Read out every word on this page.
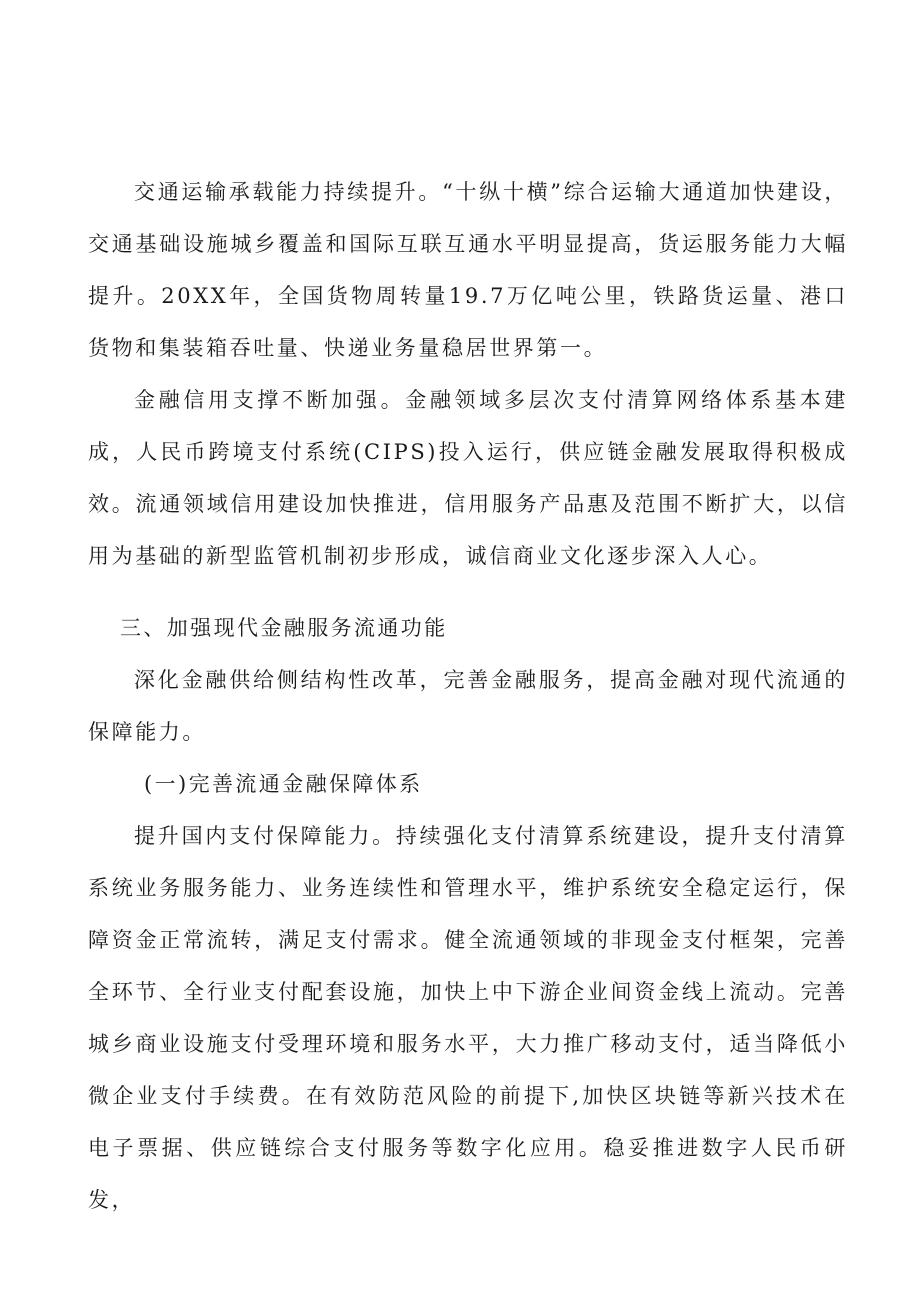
交通运输承载能力持续提升。“十纵十横”综合运输大通道加快建设，交通基础设施城乡覆盖和国际互联互通水平明显提高，货运服务能力大幅提升。20XX年，全国货物周转量19.7万亿吨公里，铁路货运量、港口货物和集装箱吞吐量、快递业务量稳居世界第一。

金融信用支撑不断加强。金融领域多层次支付清算网络体系基本建成，人民币跨境支付系统(CIPS)投入运行，供应链金融发展取得积极成效。流通领域信用建设加快推进，信用服务产品惠及范围不断扩大，以信用为基础的新型监管机制初步形成，诚信商业文化逐步深入人心。

三、加强现代金融服务流通功能

深化金融供给侧结构性改革，完善金融服务，提高金融对现代流通的保障能力。

(一)完善流通金融保障体系

提升国内支付保障能力。持续强化支付清算系统建设，提升支付清算系统业务服务能力、业务连续性和管理水平，维护系统安全稳定运行，保障资金正常流转，满足支付需求。健全流通领域的非现金支付框架，完善全环节、全行业支付配套设施，加快上中下游企业间资金线上流动。完善城乡商业设施支付受理环境和服务水平，大力推广移动支付，适当降低小微企业支付手续费。在有效防范风险的前提下,加快区块链等新兴技术在电子票据、供应链综合支付服务等数字化应用。稳妥推进数字人民币研发，
